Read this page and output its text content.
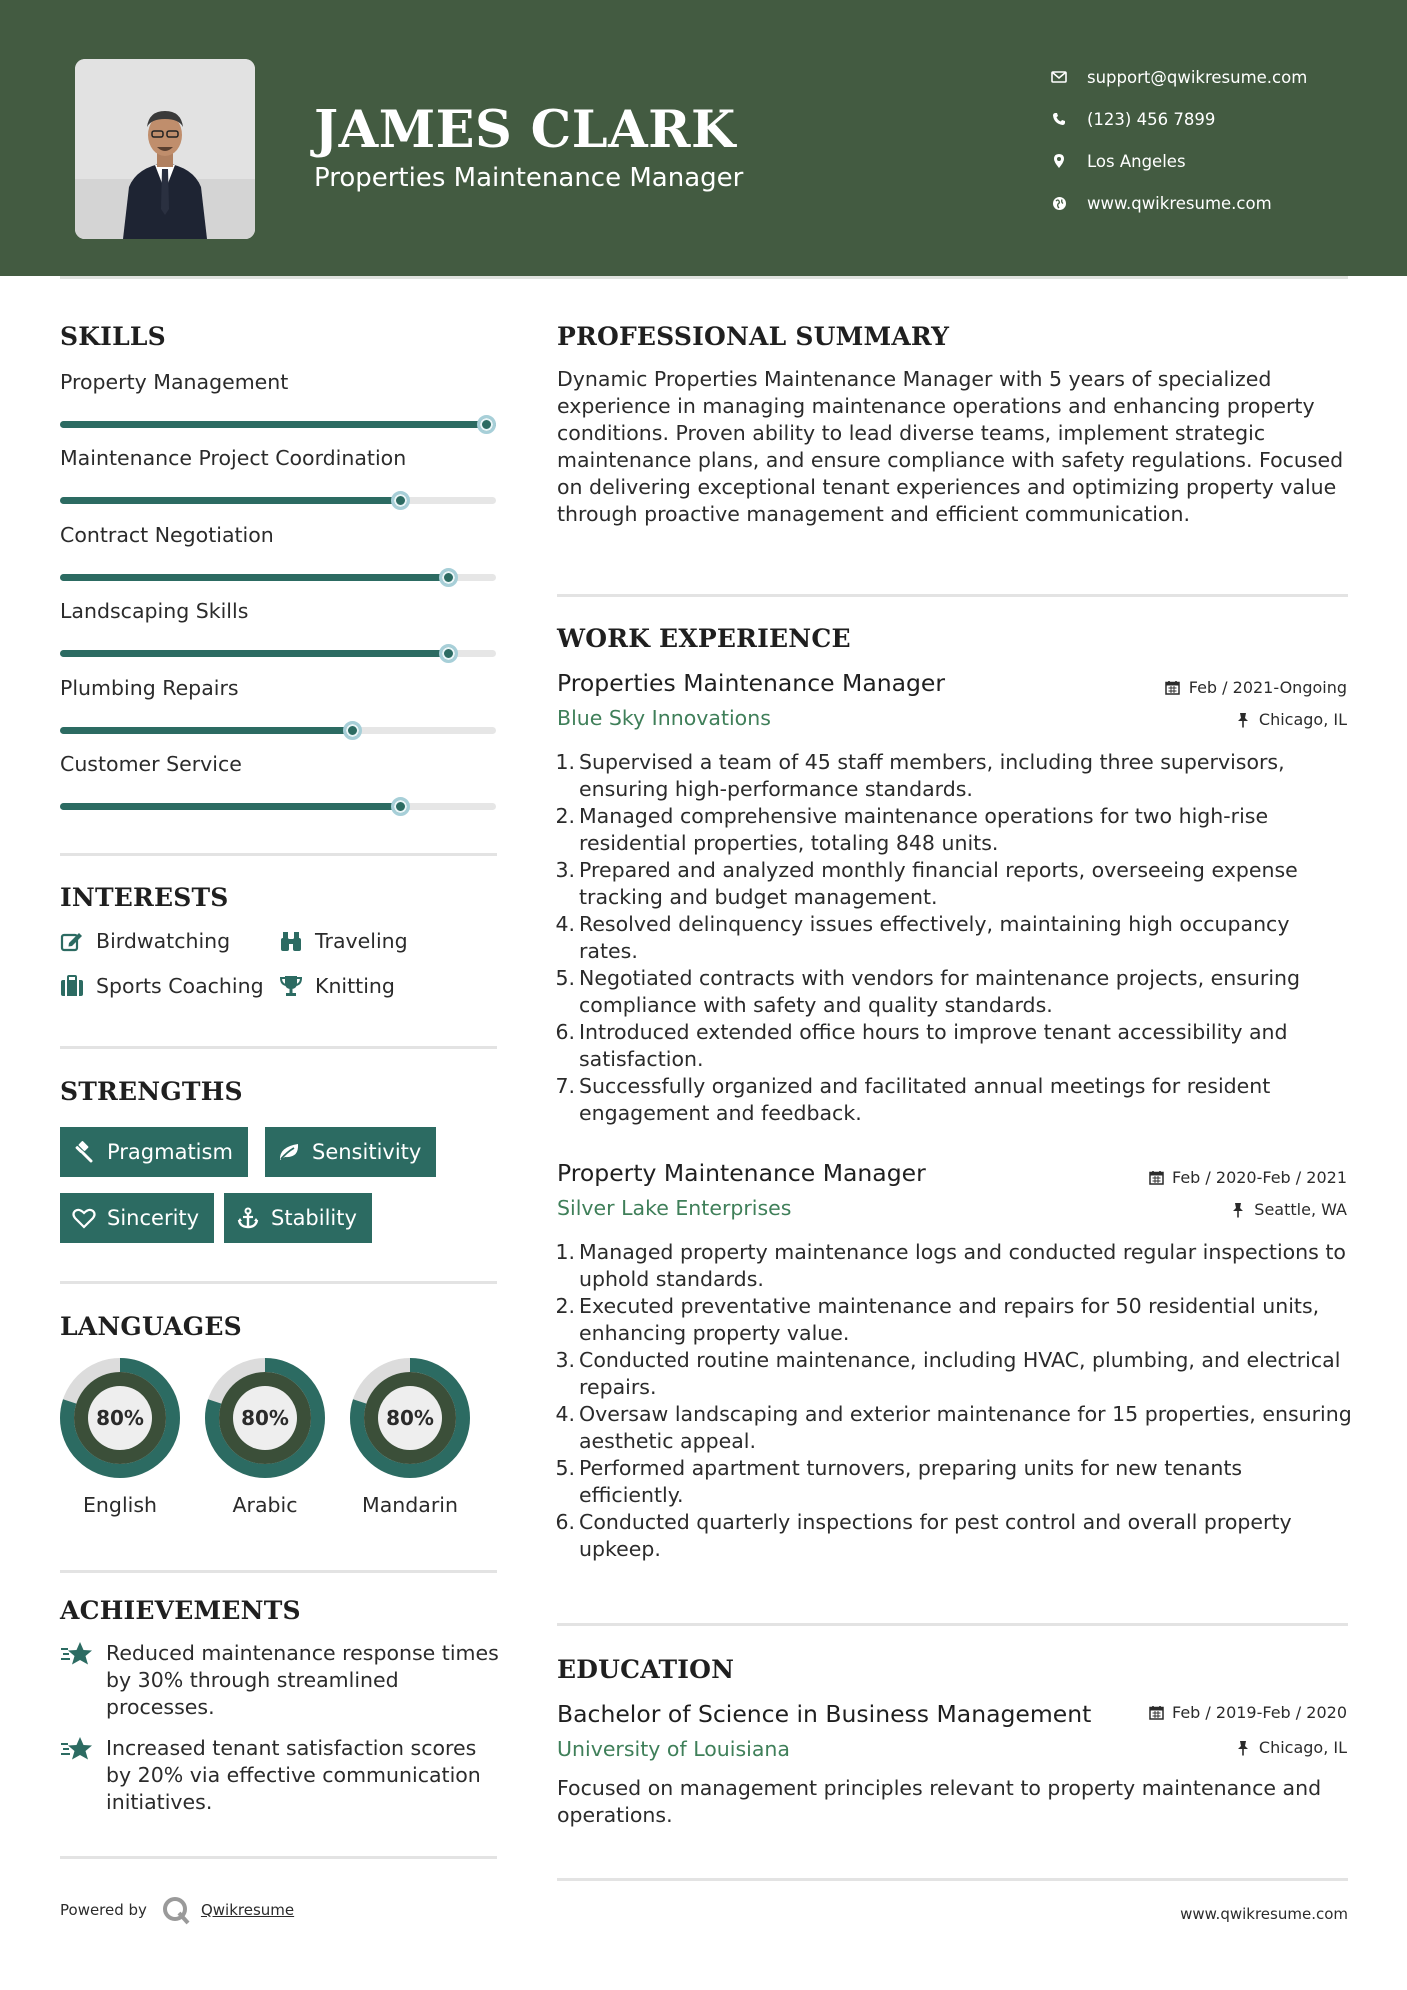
JAMES CLARK
Properties Maintenance Manager
support@qwikresume.com
(123) 456 7899
Los Angeles
www.qwikresume.com
SKILLS
Property Management
Maintenance Project Coordination
Contract Negotiation
Landscaping Skills
Plumbing Repairs
Customer Service
INTERESTS
Birdwatching	Traveling
Sports Coaching	Knitting
STRENGTHS
Pragmatism	Sensitivity
Sincerity	Stability
LANGUAGES
80%
English
80%
Arabic
80%
Mandarin
ACHIEVEMENTS
Reduced maintenance response times by 30% through streamlined processes.
Increased tenant satisfaction scores by 20% via effective communication initiatives.
Powered by	Qwikresume	www.qwikresume.com
PROFESSIONAL SUMMARY
Dynamic Properties Maintenance Manager with 5 years of specialized experience in managing maintenance operations and enhancing property conditions. Proven ability to lead diverse teams, implement strategic maintenance plans, and ensure compliance with safety regulations. Focused on delivering exceptional tenant experiences and optimizing property value through proactive management and efficient communication.
WORK EXPERIENCE
Properties Maintenance Manager
Blue Sky Innovations
Feb / 2021-Ongoing
Chicago, IL
1. Supervised a team of 45 staff members, including three supervisors, ensuring high-performance standards.
2. Managed comprehensive maintenance operations for two high-rise residential properties, totaling 848 units.
3. Prepared and analyzed monthly financial reports, overseeing expense tracking and budget management.
4. Resolved delinquency issues effectively, maintaining high occupancy rates.
5. Negotiated contracts with vendors for maintenance projects, ensuring compliance with safety and quality standards.
6. Introduced extended office hours to improve tenant accessibility and satisfaction.
7. Successfully organized and facilitated annual meetings for resident engagement and feedback.
Property Maintenance Manager
Silver Lake Enterprises
Feb / 2020-Feb / 2021
Seattle, WA
1. Managed property maintenance logs and conducted regular inspections to uphold standards.
2. Executed preventative maintenance and repairs for 50 residential units, enhancing property value.
3. Conducted routine maintenance, including HVAC, plumbing, and electrical repairs.
4. Oversaw landscaping and exterior maintenance for 15 properties, ensuring aesthetic appeal.
5. Performed apartment turnovers, preparing units for new tenants efficiently.
6. Conducted quarterly inspections for pest control and overall property upkeep.
EDUCATION
Bachelor of Science in Business Management
University of Louisiana
Feb / 2019-Feb / 2020
Chicago, IL
Focused on management principles relevant to property maintenance and operations.
